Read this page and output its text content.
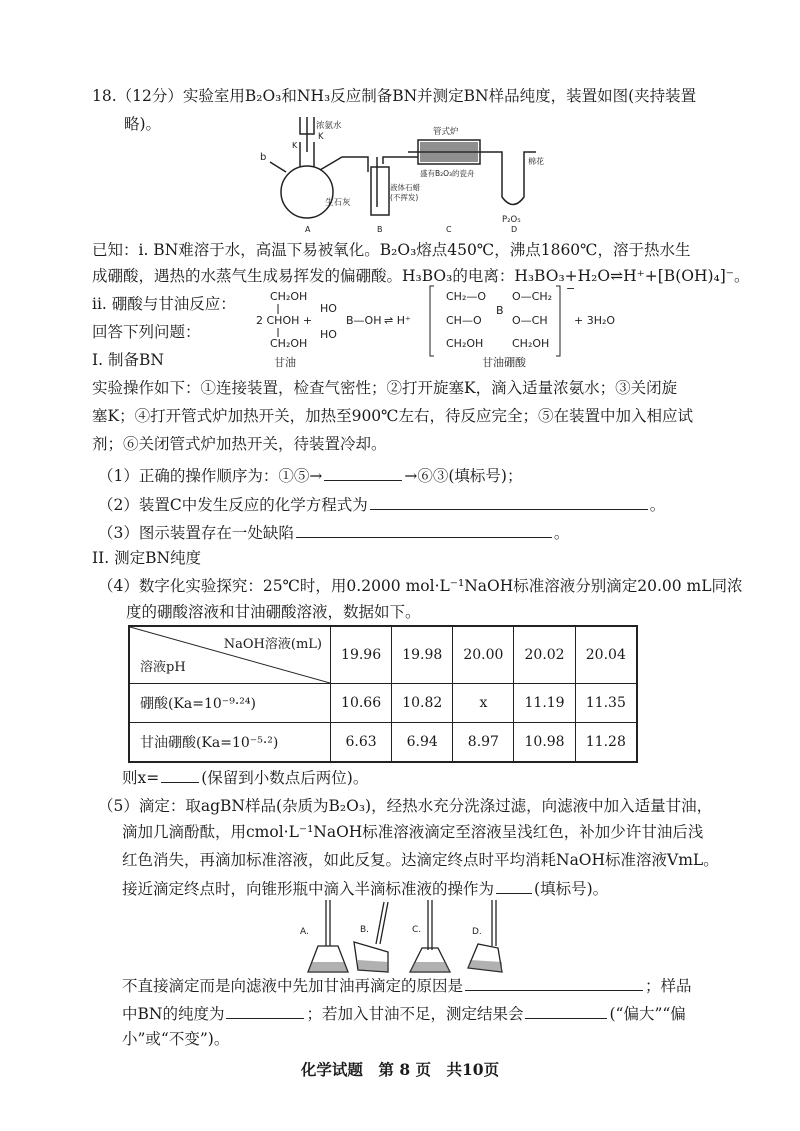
18.（12分）实验室用B₂O₃和NH₃反应制备BN并测定BN样品纯度，装置如图(夹持装置
略)。
K
浓氨水
K
b
生石灰
管式炉
盛有B₂O₃的瓷舟
液体石蜡
(不挥发)
棉花
P₂O₅
A	B	C	D
已知：i. BN难溶于水，高温下易被氧化。B₂O₃熔点450℃，沸点1860℃，溶于热水生
成硼酸，遇热的水蒸气生成易挥发的偏硼酸。H₃BO₃的电离：H₃BO₃+H₂O⇌H⁺+[B(OH)₄]⁻。
ii. 硼酸与甘油反应：
回答下列问题：
CH₂OH
2 CHOH +
CH₂OH
甘油
HO
B—OH
HO
⇌ H⁺
CH₂—O
CH—O
CH₂OH
B
O—CH₂
O—CH
CH₂OH
−
+ 3H₂O
甘油硼酸
I. 制备BN
实验操作如下：①连接装置，检查气密性；②打开旋塞K，滴入适量浓氨水；③关闭旋
塞K；④打开管式炉加热开关，加热至900℃左右，待反应完全；⑤在装置中加入相应试
剂；⑥关闭管式炉加热开关，待装置冷却。
（1）正确的操作顺序为：①⑤→	→⑥③(填标号)；
（2）装置C中发生反应的化学方程式为	。
（3）图示装置存在一处缺陷	。
II. 测定BN纯度
（4）数字化实验探究：25℃时，用0.2000 mol·L⁻¹NaOH标准溶液分别滴定20.00 mL同浓
度的硼酸溶液和甘油硼酸溶液，数据如下。
NaOH溶液(mL)
溶液pH	19.96	19.98	20.00	20.02	20.04
硼酸(Ka=10⁻⁹·²⁴)	10.66	10.82	x	11.19	11.35
甘油硼酸(Ka=10⁻⁵·²)	6.63	6.94	8.97	10.98	11.28
则x=	(保留到小数点后两位)。
（5）滴定：取agBN样品(杂质为B₂O₃)，经热水充分洗涤过滤，向滤液中加入适量甘油，
滴加几滴酚酞，用cmol·L⁻¹NaOH标准溶液滴定至溶液呈浅红色，补加少许甘油后浅
红色消失，再滴加标准溶液，如此反复。达滴定终点时平均消耗NaOH标准溶液VmL。
接近滴定终点时，向锥形瓶中滴入半滴标准液的操作为	(填标号)。
A.	B.	C.	D.
不直接滴定而是向滤液中先加甘油再滴定的原因是	；样品
中BN的纯度为	；若加入甘油不足，测定结果会	(“偏大”“偏
小”或“不变”)。
化学试题　第 8 页　共10页
